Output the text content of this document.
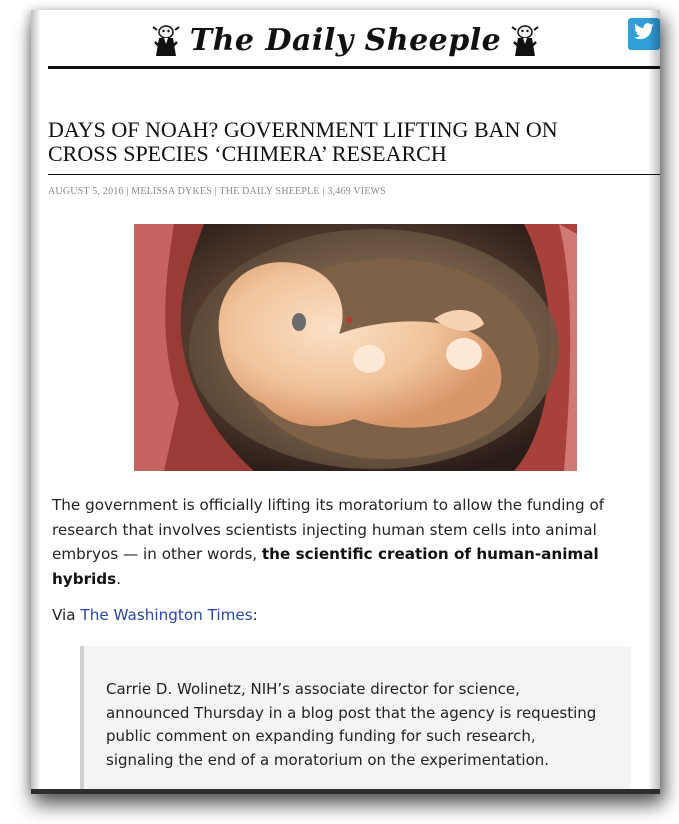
The Daily Sheeple
DAYS OF NOAH? GOVERNMENT LIFTING BAN ON
CROSS SPECIES ‘CHIMERA’ RESEARCH
AUGUST 5, 2016 | MELISSA DYKES | THE DAILY SHEEPLE | 3,469 VIEWS

The government is officially lifting its moratorium to allow the funding of research that involves scientists injecting human stem cells into animal embryos — in other words, the scientific creation of human-animal hybrids.

Via The Washington Times:

Carrie D. Wolinetz, NIH’s associate director for science, announced Thursday in a blog post that the agency is requesting public comment on expanding funding for such research, signaling the end of a moratorium on the experimentation.
